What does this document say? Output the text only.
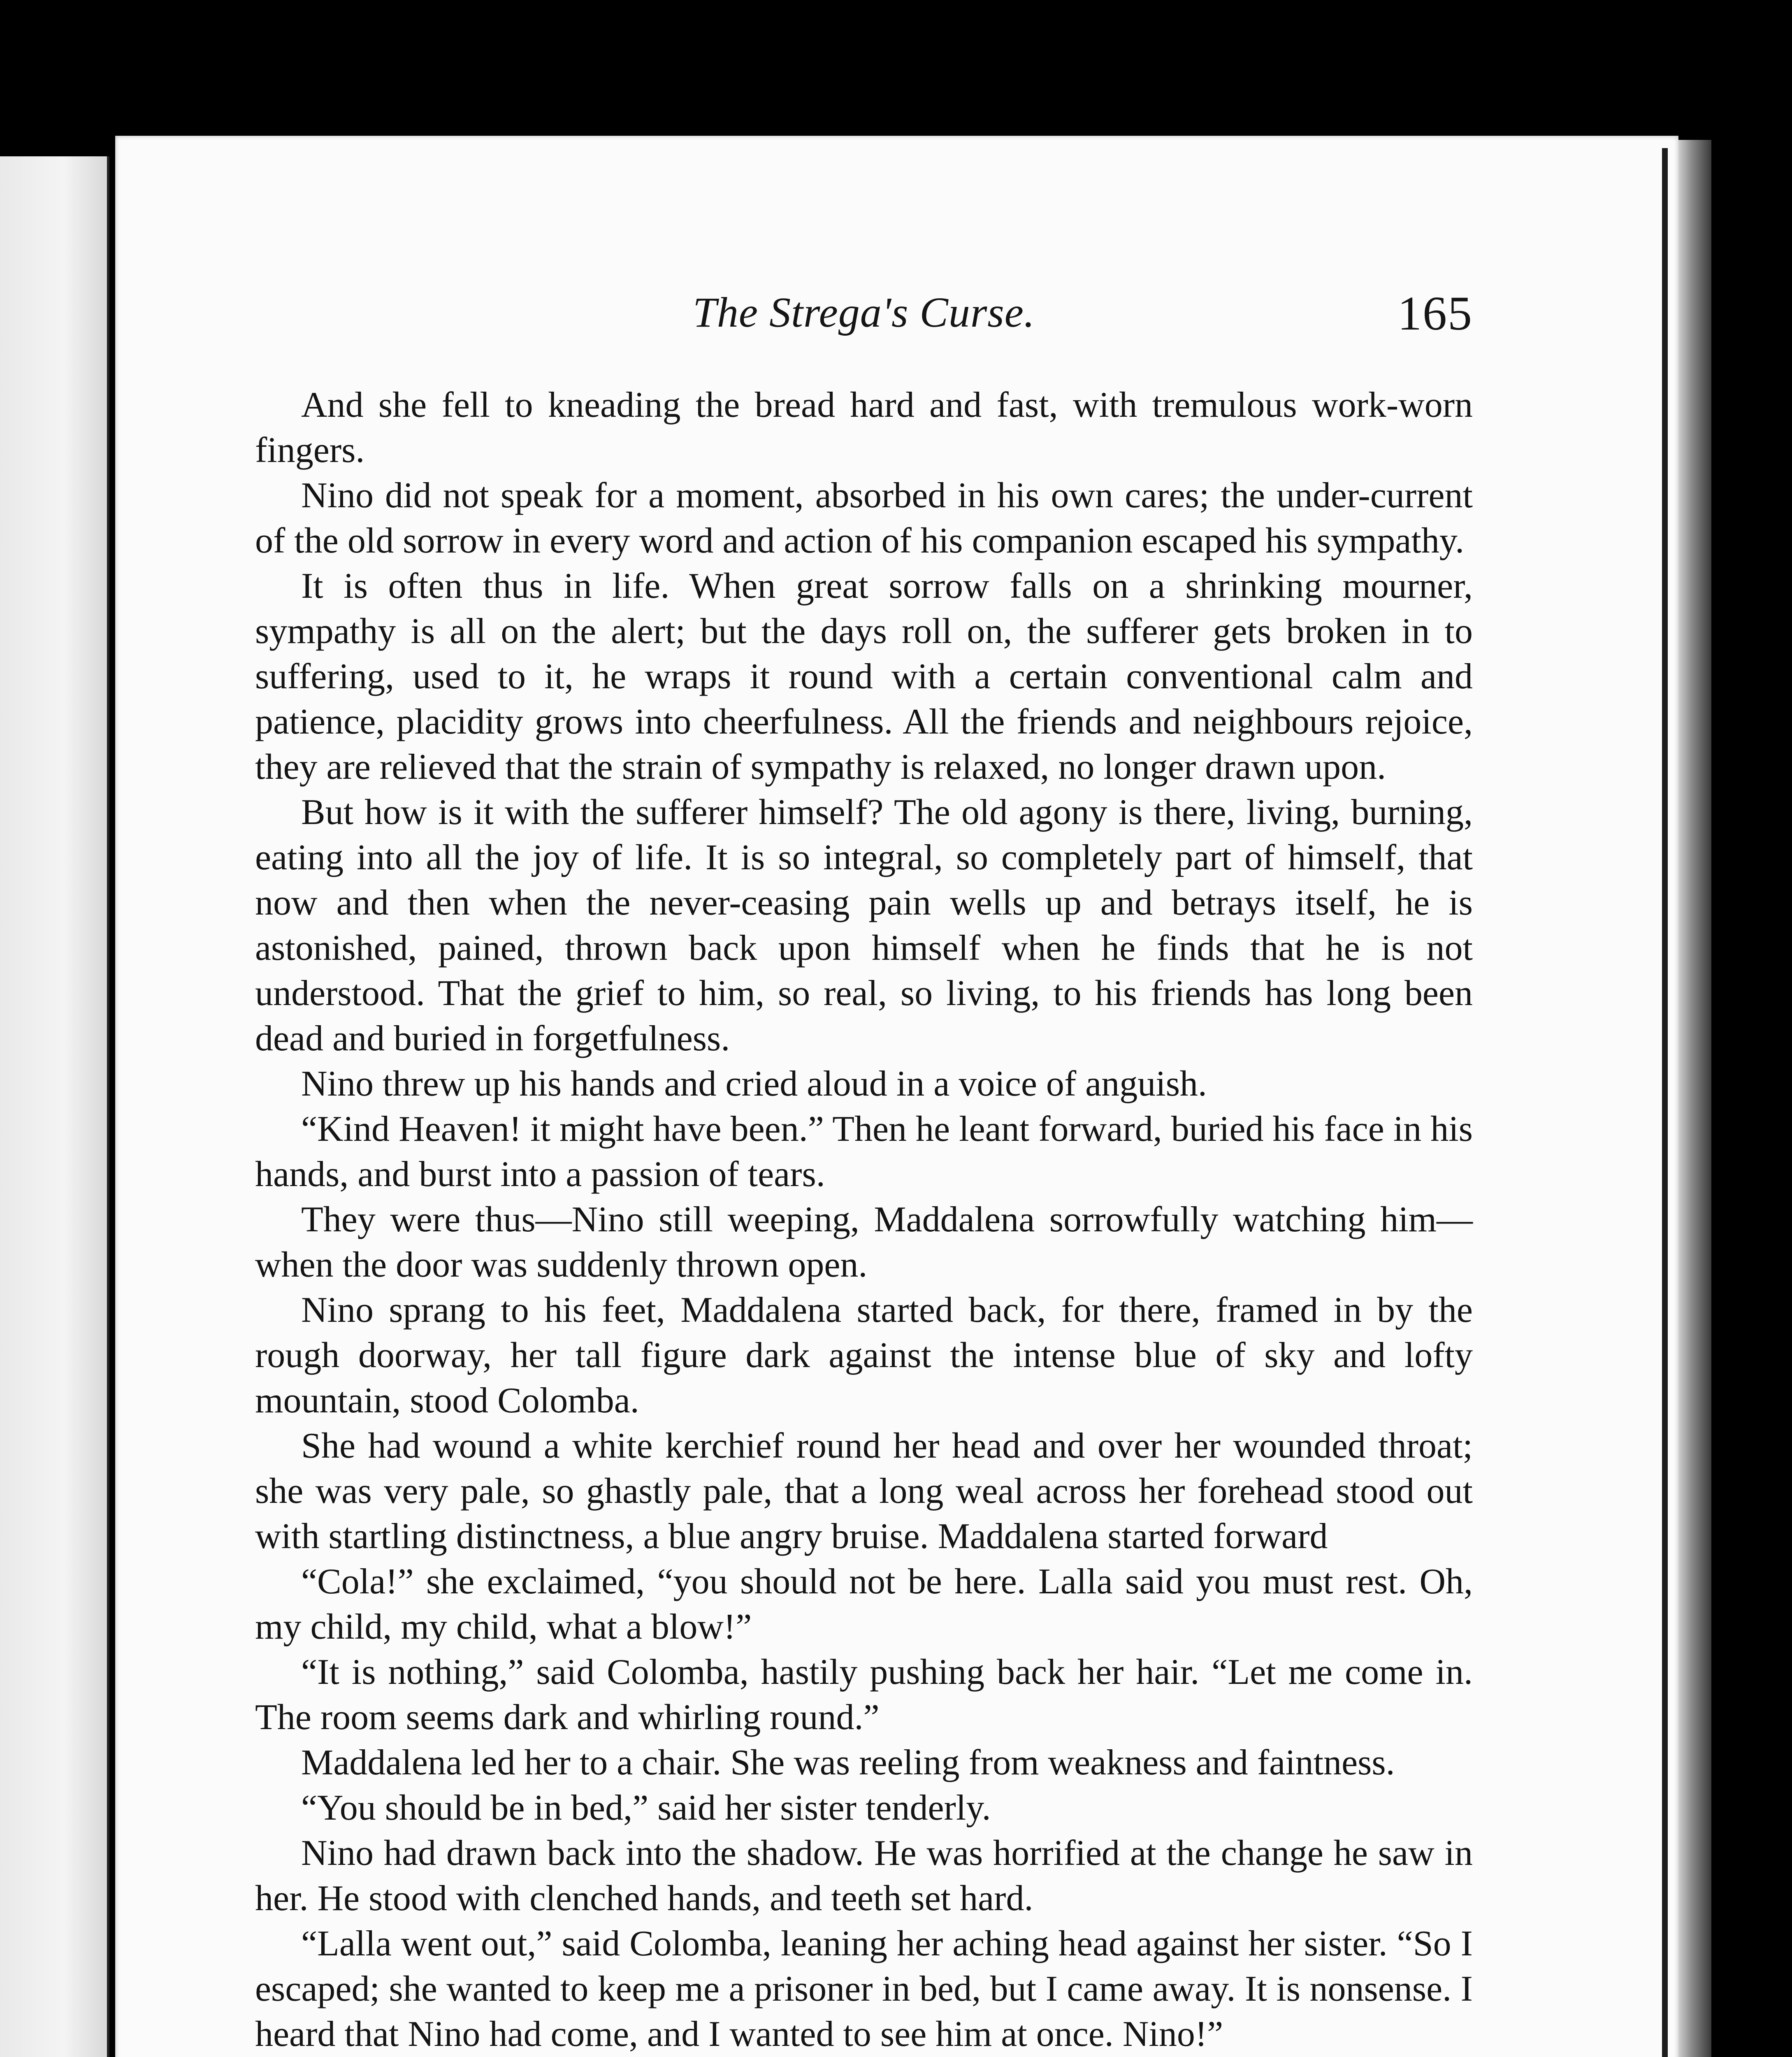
The Strega's Curse.	165

And she fell to kneading the bread hard and fast, with tremulous work-worn fingers.

Nino did not speak for a moment, absorbed in his own cares; the under-current of the old sorrow in every word and action of his companion escaped his sympathy.

It is often thus in life. When great sorrow falls on a shrinking mourner, sympathy is all on the alert; but the days roll on, the sufferer gets broken in to suffering, used to it, he wraps it round with a certain conventional calm and patience, placidity grows into cheerfulness. All the friends and neighbours rejoice, they are relieved that the strain of sympathy is relaxed, no longer drawn upon.

But how is it with the sufferer himself? The old agony is there, living, burning, eating into all the joy of life. It is so integral, so completely part of himself, that now and then when the never-ceasing pain wells up and betrays itself, he is astonished, pained, thrown back upon himself when he finds that he is not understood. That the grief to him, so real, so living, to his friends has long been dead and buried in forgetfulness.

Nino threw up his hands and cried aloud in a voice of anguish.

“Kind Heaven! it might have been.” Then he leant forward, buried his face in his hands, and burst into a passion of tears.

They were thus—Nino still weeping, Maddalena sorrowfully watching him—when the door was suddenly thrown open.

Nino sprang to his feet, Maddalena started back, for there, framed in by the rough doorway, her tall figure dark against the intense blue of sky and lofty mountain, stood Colomba.

She had wound a white kerchief round her head and over her wounded throat; she was very pale, so ghastly pale, that a long weal across her forehead stood out with startling distinctness, a blue angry bruise. Maddalena started forward

“Cola!” she exclaimed, “you should not be here. Lalla said you must rest. Oh, my child, my child, what a blow!”

“It is nothing,” said Colomba, hastily pushing back her hair. “Let me come in. The room seems dark and whirling round.”

Maddalena led her to a chair. She was reeling from weakness and faintness.

“You should be in bed,” said her sister tenderly.

Nino had drawn back into the shadow. He was horrified at the change he saw in her. He stood with clenched hands, and teeth set hard.

“Lalla went out,” said Colomba, leaning her aching head against her sister. “So I escaped; she wanted to keep me a prisoner in bed, but I came away. It is nonsense. I heard that Nino had come, and I wanted to see him at once. Nino!”
